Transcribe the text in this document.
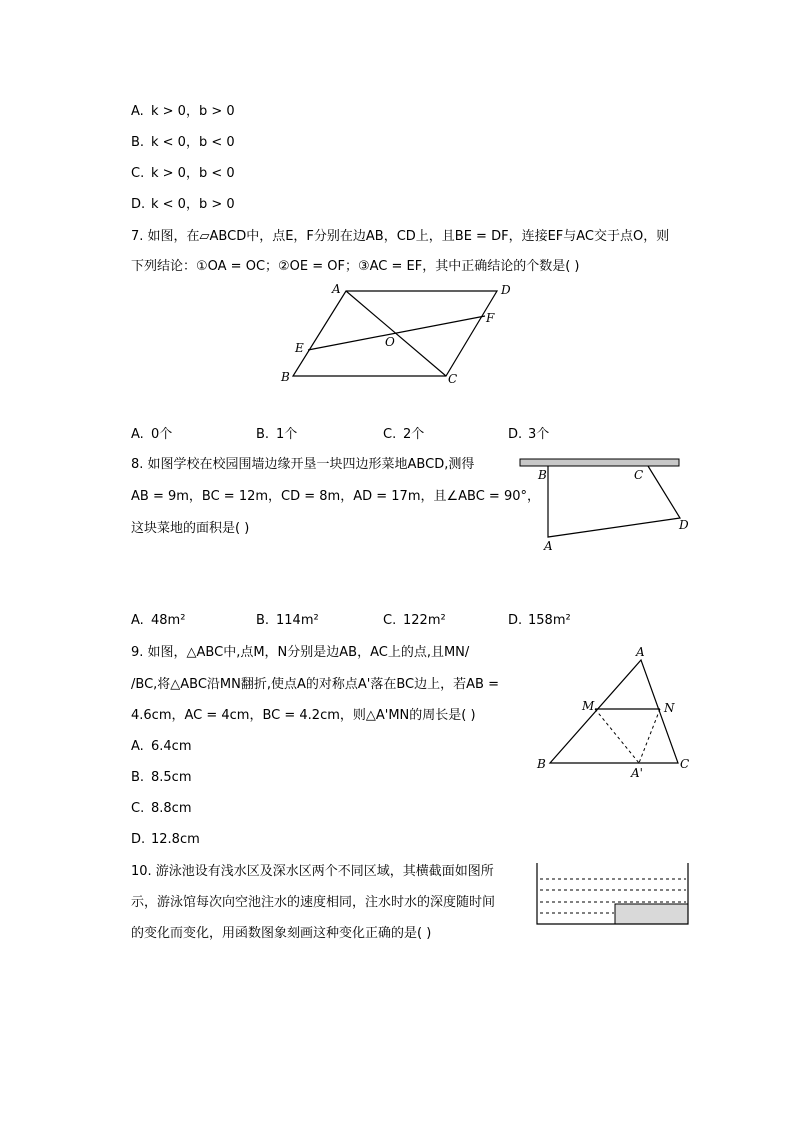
A. k > 0，b > 0
B. k < 0，b < 0
C. k > 0，b < 0
D. k < 0，b > 0
7. 如图，在▱ABCD中，点E，F分别在边AB，CD上，且BE = DF，连接EF与AC交于点O，则
下列结论：①OA = OC；②OE = OF；③AC = EF，其中正确结论的个数是( )
A	D
F
E	O
B	C
A. 0个	B. 1个	C. 2个	D. 3个
8. 如图学校在校园围墙边缘开垦一块四边形菜地ABCD,测得
AB = 9m，BC = 12m，CD = 8m，AD = 17m，且∠ABC = 90°，
这块菜地的面积是( )
B	C
D
A
A. 48m²	B. 114m²	C. 122m²	D. 158m²
9. 如图，△ABC中,点M，N分别是边AB，AC上的点,且MN/
/BC,将△ABC沿MN翻折,使点A的对称点A'落在BC边上，若AB =
4.6cm，AC = 4cm，BC = 4.2cm，则△A'MN的周长是( )
A. 6.4cm
B. 8.5cm
C. 8.8cm
D. 12.8cm
A
M	N
B
A'
C
10. 游泳池设有浅水区及深水区两个不同区域，其横截面如图所
示，游泳馆每次向空池注水的速度相同，注水时水的深度随时间
的变化而变化，用函数图象刻画这种变化正确的是( )
